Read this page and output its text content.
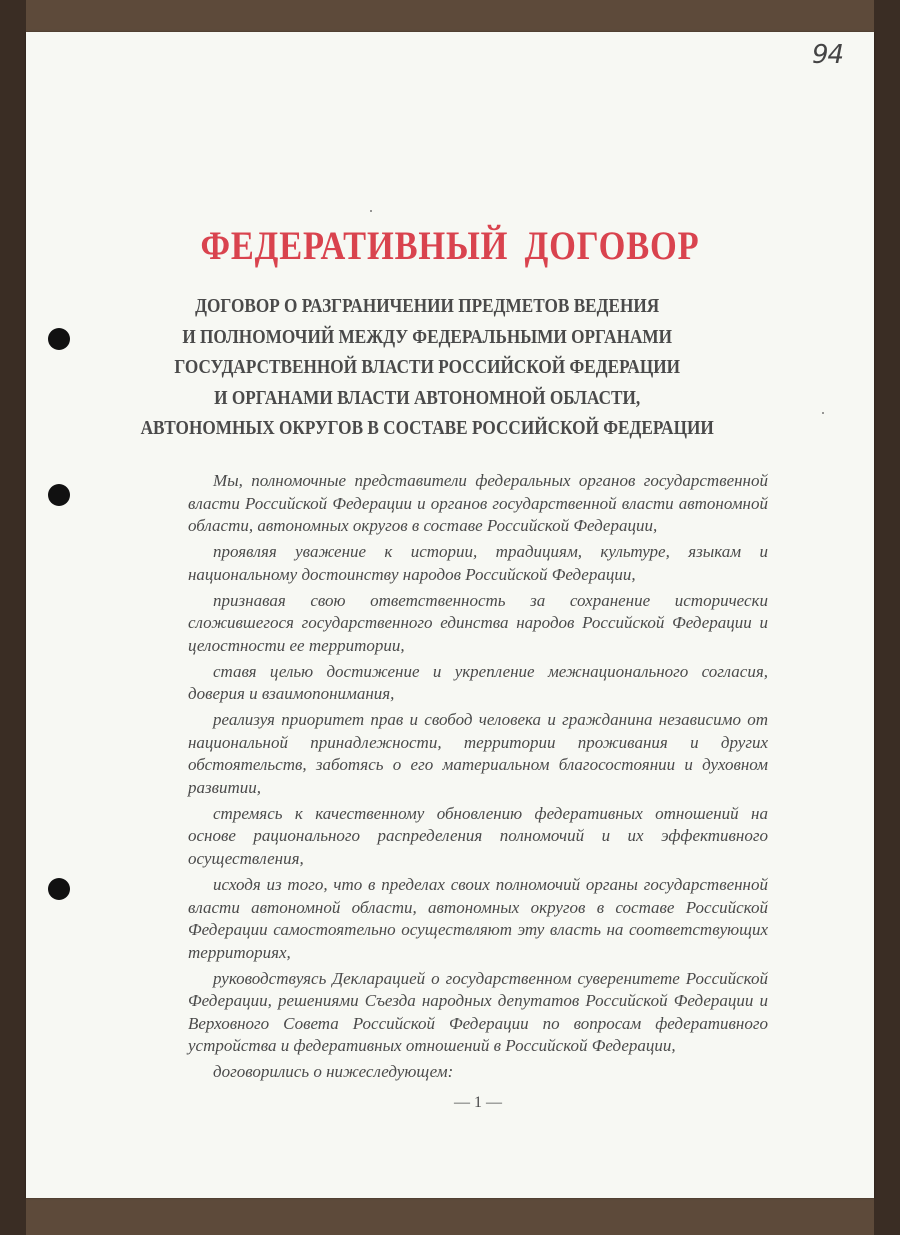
94
ФЕДЕРАТИВНЫЙ ДОГОВОР
ДОГОВОР О РАЗГРАНИЧЕНИИ ПРЕДМЕТОВ ВЕДЕНИЯ
И ПОЛНОМОЧИЙ МЕЖДУ ФЕДЕРАЛЬНЫМИ ОРГАНАМИ
ГОСУДАРСТВЕННОЙ ВЛАСТИ РОССИЙСКОЙ ФЕДЕРАЦИИ
И ОРГАНАМИ ВЛАСТИ АВТОНОМНОЙ ОБЛАСТИ,
АВТОНОМНЫХ ОКРУГОВ В СОСТАВЕ РОССИЙСКОЙ ФЕДЕРАЦИИ

Мы, полномочные представители федеральных органов государственной власти Российской Федерации и органов государственной власти автономной области, автономных округов в составе Российской Федерации,

проявляя уважение к истории, традициям, культуре, языкам и национальному достоинству народов Российской Федерации,

признавая свою ответственность за сохранение исторически сложившегося государственного единства народов Российской Федерации и целостности ее территории,

ставя целью достижение и укрепление межнационального согласия, доверия и взаимопонимания,

реализуя приоритет прав и свобод человека и гражданина независимо от национальной принадлежности, территории проживания и других обстоятельств, заботясь о его материальном благосостоянии и духовном развитии,

стремясь к качественному обновлению федеративных отношений на основе рационального распределения полномочий и их эффективного осуществления,

исходя из того, что в пределах своих полномочий органы государственной власти автономной области, автономных округов в составе Российской Федерации самостоятельно осуществляют эту власть на соответствующих территориях,

руководствуясь Декларацией о государственном суверенитете Российской Федерации, решениями Съезда народных депутатов Российской Федерации и Верховного Совета Российской Федерации по вопросам федеративного устройства и федеративных отношений в Российской Федерации,

договорились о нижеследующем:

— 1 —
